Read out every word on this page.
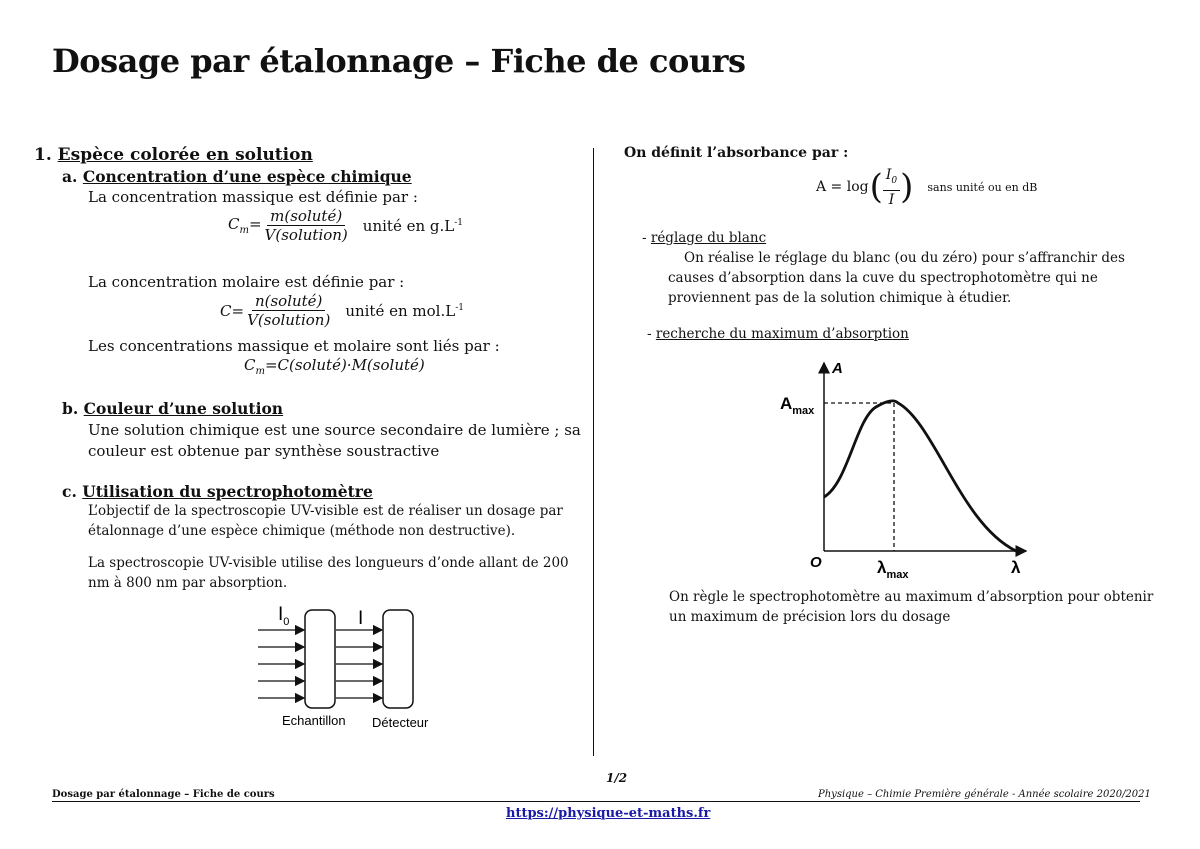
Dosage par étalonnage – Fiche de cours
1. Espèce colorée en solution
a. Concentration d’une espèce chimique
La concentration massique est définie par :
$C_m= \frac{\text{m(soluté)}}{\text{V(solution)}}$ unité en $g.L^{-1}$
La concentration molaire est définie par :
$C= \frac{\text{n(soluté)}}{\text{V(solution)}}$ unité en $mol.L^{-1}$
Les concentrations massique et molaire sont liés par :
$C_m=C(soluté)\cdot M(soluté)$
b. Couleur d’une solution
Une solution chimique est une source secondaire de lumière ; sa couleur est obtenue par synthèse soustractive
c. Utilisation du spectrophotomètre
L’objectif de la spectroscopie UV-visible est de réaliser un dosage par étalonnage d’une espèce chimique (méthode non destructive).
La spectroscopie UV-visible utilise des longueurs d’onde allant de 200 nm à 800 nm par absorption.
$I_0$	I
Echantillon Détecteur
On définit l’absorbance par :
A = log ( $\frac{I_0}{I}$ ) sans unité ou en dB
- réglage du blanc
On réalise le réglage du blanc (ou du zéro) pour s’affranchir des causes d’absorption dans la cuve du spectrophotomètre qui ne proviennent pas de la solution chimique à étudier.
- recherche du maximum d’absorption
A
$A_{max}$
O	$\lambda_{max}$	λ
On règle le spectrophotomètre au maximum d’absorption pour obtenir un maximum de précision lors du dosage
1/2
Dosage par étalonnage – Fiche de cours	Physique – Chimie Première générale - Année scolaire 2020/2021
https://physique-et-maths.fr
